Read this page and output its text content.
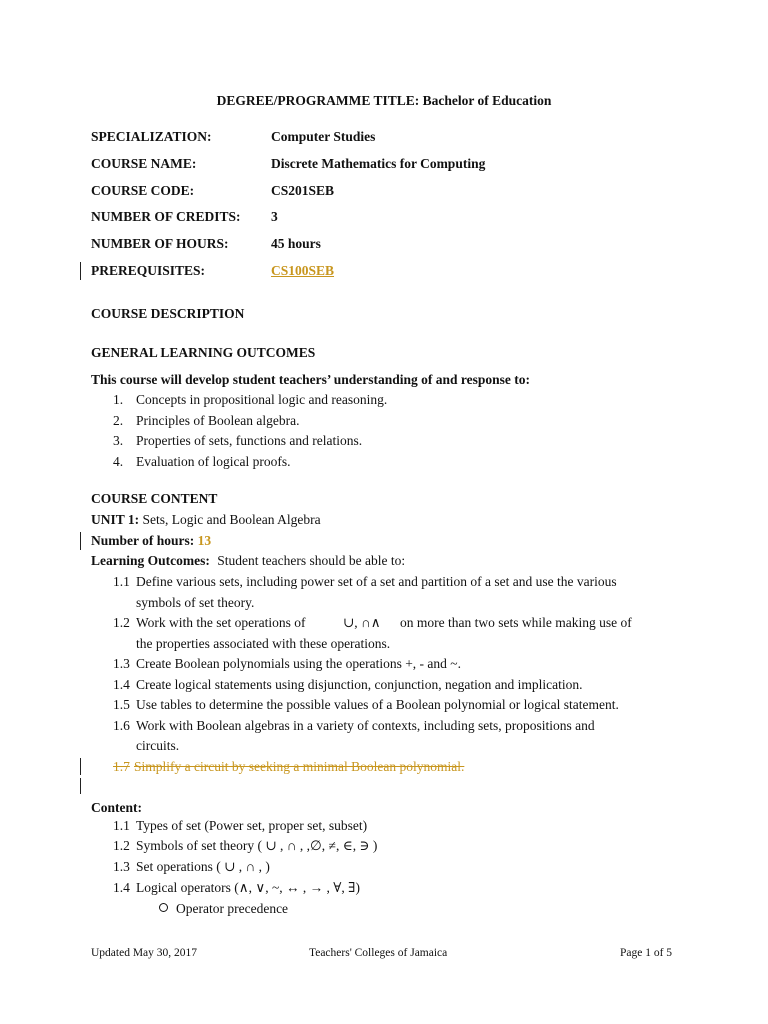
DEGREE/PROGRAMME TITLE: Bachelor of Education
SPECIALIZATION:	Computer Studies
COURSE NAME:	Discrete Mathematics for Computing
COURSE CODE:	CS201SEB
NUMBER OF CREDITS: 3
NUMBER OF HOURS:	45 hours
PREREQUISITES:	CS100SEB
COURSE DESCRIPTION
GENERAL LEARNING OUTCOMES
This course will develop student teachers’ understanding of and response to:
1. Concepts in propositional logic and reasoning.
2. Principles of Boolean algebra.
3. Properties of sets, functions and relations.
4. Evaluation of logical proofs.
COURSE CONTENT
UNIT 1: Sets, Logic and Boolean Algebra
Number of hours: 13
Learning Outcomes: Student teachers should be able to:
1.1 Define various sets, including power set of a set and partition of a set and use the various
symbols of set theory.
1.2 Work with the set operations of	∪, ∩∧ on more than two sets while making use of
the properties associated with these operations.
1.3 Create Boolean polynomials using the operations +, - and ~.
1.4 Create logical statements using disjunction, conjunction, negation and implication.
1.5 Use tables to determine the possible values of a Boolean polynomial or logical statement.
1.6 Work with Boolean algebras in a variety of contexts, including sets, propositions and
circuits.
1.7 Simplify a circuit by seeking a minimal Boolean polynomial.
Content:
1.1 Types of set (Power set, proper set, subset)
1.2 Symbols of set theory ( ∪ , ∩ , ,∅, ≠, ∈, ∋ )
1.3 Set operations ( ∪ , ∩ , )
1.4 Logical operators (∧, ∨, ~, ↔ , → , ∀, ∃)
Operator precedence
Updated May 30, 2017	Teachers' Colleges of Jamaica	Page 1 of 5
